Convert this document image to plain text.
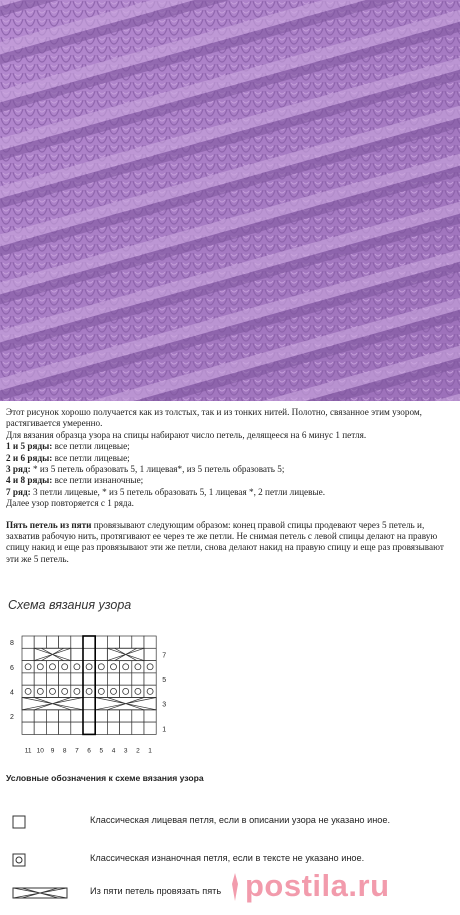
Этот рисунок хорошо получается как из толстых, так и из тонких нитей. Полотно, связанное этим узором, растягивается умеренно.

Для вязания образца узора на спицы набирают число петель, делящееся на 6 минус 1 петля.

1 и 5 ряды: все петли лицевые;

2 и 6 ряды: все петли лицевые;

3 ряд: * из 5 петель образовать 5, 1 лицевая*, из 5 петель образовать 5;

4 и 8 ряды: все петли изнаночные;

7 ряд: 3 петли лицевые, * из 5 петель образовать 5, 1 лицевая *, 2 петли лицевые.

Далее узор повторяется с 1 ряда.

Пять петель из пяти провязывают следующим образом: конец правой спицы продевают через 5 петель и, захватив рабочую нить, протягивают ее через те же петли. Не снимая петель с левой спицы делают на правую спицу накид и еще раз провязывают эти же петли, снова делают накид на правую спицу и еще раз провязывают эти же 5 петель.

Схема вязания узора
8
6
4
2
7
5
3
1
11 10 9 8 7 6 5 4 3 2 1
Условные обозначения к схеме вязания узора
Классическая лицевая петля, если в описании узора не указано иное.
Классическая изнаночная петля, если в тексте не указано иное.
Из пяти петель провязать пять postila.ru
